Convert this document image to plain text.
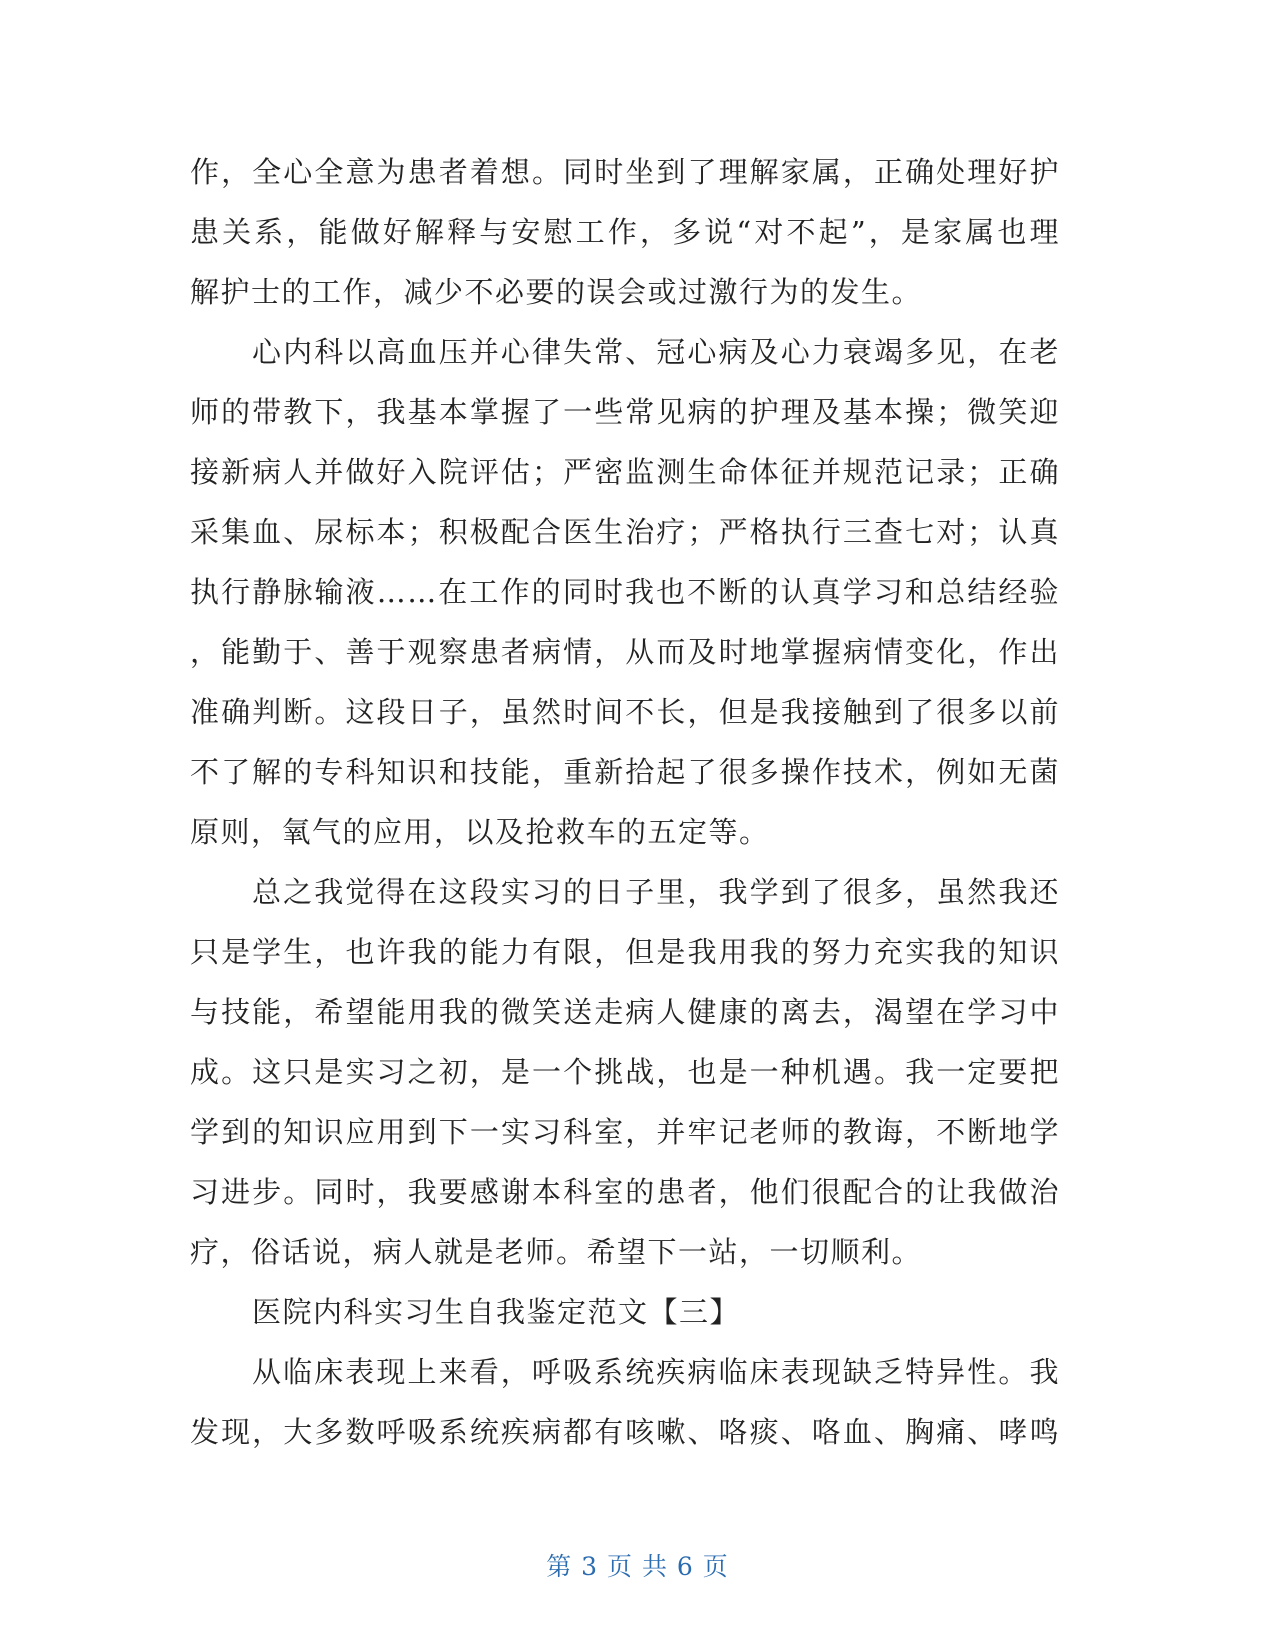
作，全心全意为患者着想。同时坐到了理解家属，正确处理好护
患关系，能做好解释与安慰工作，多说“对不起”，是家属也理
解护士的工作，减少不必要的误会或过激行为的发生。
心内科以高血压并心律失常、冠心病及心力衰竭多见，在老
师的带教下，我基本掌握了一些常见病的护理及基本操；微笑迎
接新病人并做好入院评估；严密监测生命体征并规范记录；正确
采集血、尿标本；积极配合医生治疗；严格执行三查七对；认真
执行静脉输液……在工作的同时我也不断的认真学习和总结经验
，能勤于、善于观察患者病情，从而及时地掌握病情变化，作出
准确判断。这段日子，虽然时间不长，但是我接触到了很多以前
不了解的专科知识和技能，重新拾起了很多操作技术，例如无菌
原则，氧气的应用，以及抢救车的五定等。
总之我觉得在这段实习的日子里，我学到了很多，虽然我还
只是学生，也许我的能力有限，但是我用我的努力充实我的知识
与技能，希望能用我的微笑送走病人健康的离去，渴望在学习中
成。这只是实习之初，是一个挑战，也是一种机遇。我一定要把
学到的知识应用到下一实习科室，并牢记老师的教诲，不断地学
习进步。同时，我要感谢本科室的患者，他们很配合的让我做治
疗，俗话说，病人就是老师。希望下一站，一切顺利。
医院内科实习生自我鉴定范文【三】
从临床表现上来看，呼吸系统疾病临床表现缺乏特异性。我
发现，大多数呼吸系统疾病都有咳嗽、咯痰、咯血、胸痛、哮鸣
第 3 页 共 6 页
